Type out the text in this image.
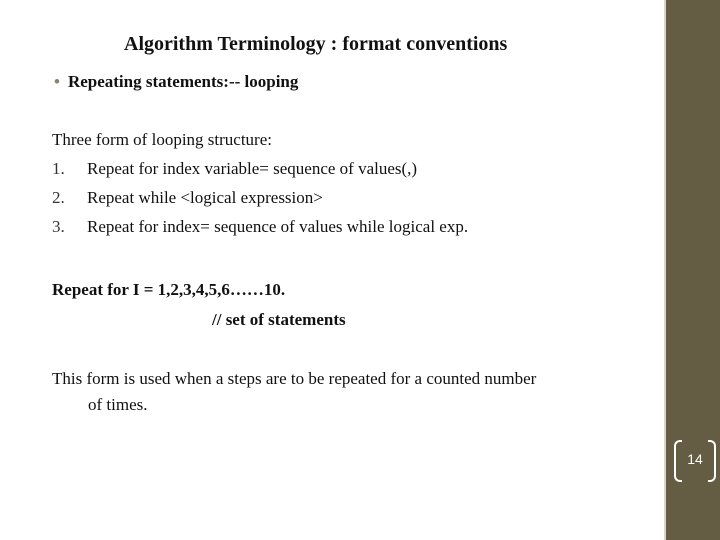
Algorithm Terminology : format conventions
• Repeating statements:-- looping
Three form of looping structure:
1. Repeat for index variable= sequence of values(,)
2. Repeat while <logical expression>
3. Repeat for index= sequence of values while logical exp.
Repeat for I = 1,2,3,4,5,6……10.
// set of statements
This form is used when a steps are to be repeated for a counted number
of times.
14
